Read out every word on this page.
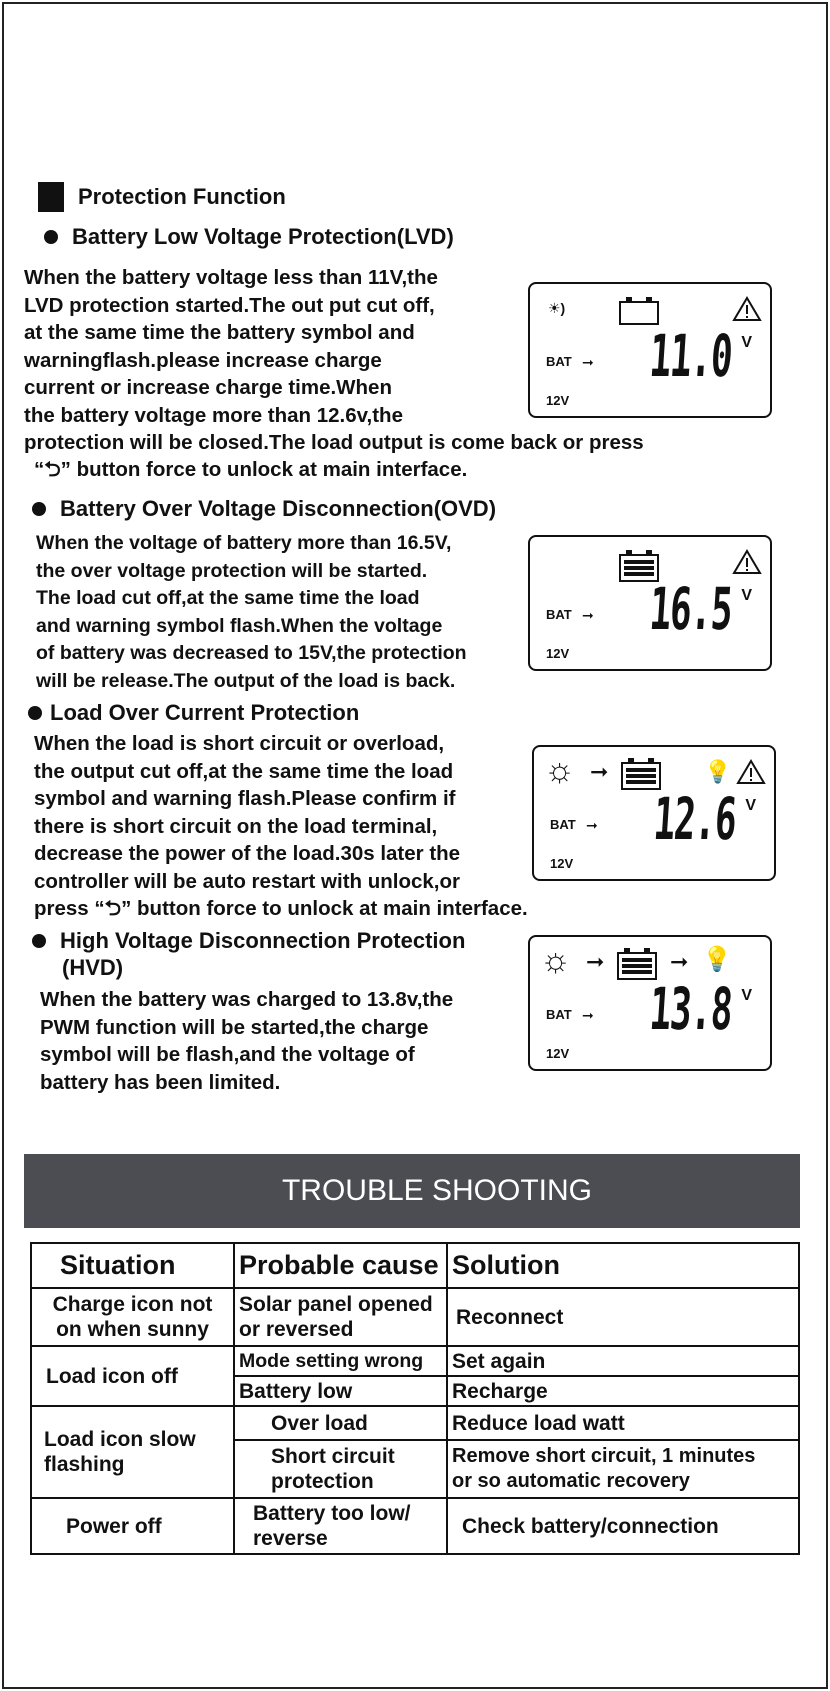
Protection Function
Battery Low Voltage Protection(LVD)
When the battery voltage less than 11V,the
LVD protection started.The out put cut off,
at the same time the battery symbol and
warningflash.please increase charge
current or increase charge time.When
the battery voltage more than 12.6v,the
protection will be closed.The load output is come back or press
“⮌” button force to unlock at main interface.
☀)
BAT ➞ 11.0 V
12V
Battery Over Voltage Disconnection(OVD)
When the voltage of battery more than 16.5V,
the over voltage protection will be started.
The load cut off,at the same time the load
and warning symbol flash.When the voltage
of battery was decreased to 15V,the protection
will be release.The output of the load is back.
BAT ➞ 16.5 V
12V
Load Over Current Protection
When the load is short circuit or overload,
the output cut off,at the same time the load
symbol and warning flash.Please confirm if
there is short circuit on the load terminal,
decrease the power of the load.30s later the
controller will be auto restart with unlock,or
press “⮌” button force to unlock at main interface.
☼ ➞	💡
BAT ➞ 12.6 V
12V
High Voltage Disconnection Protection
(HVD)
When the battery was charged to 13.8v,the
PWM function will be started,the charge
symbol will be flash,and the voltage of
battery has been limited.
☼ ➞	➞ 💡
BAT ➞ 13.8 V
12V
TROUBLE SHOOTING
Situation	Probable cause	Solution
Charge icon not
on when sunny	Solar panel opened
or reversed	Reconnect
Load icon off	Mode setting wrong	Set again
	Battery low	Recharge
Load icon slow
flashing	Over load	Reduce load watt
	Short circuit
protection	Remove short circuit, 1 minutes
or so automatic recovery
Power off	Battery too low/
reverse	Check battery/connection
